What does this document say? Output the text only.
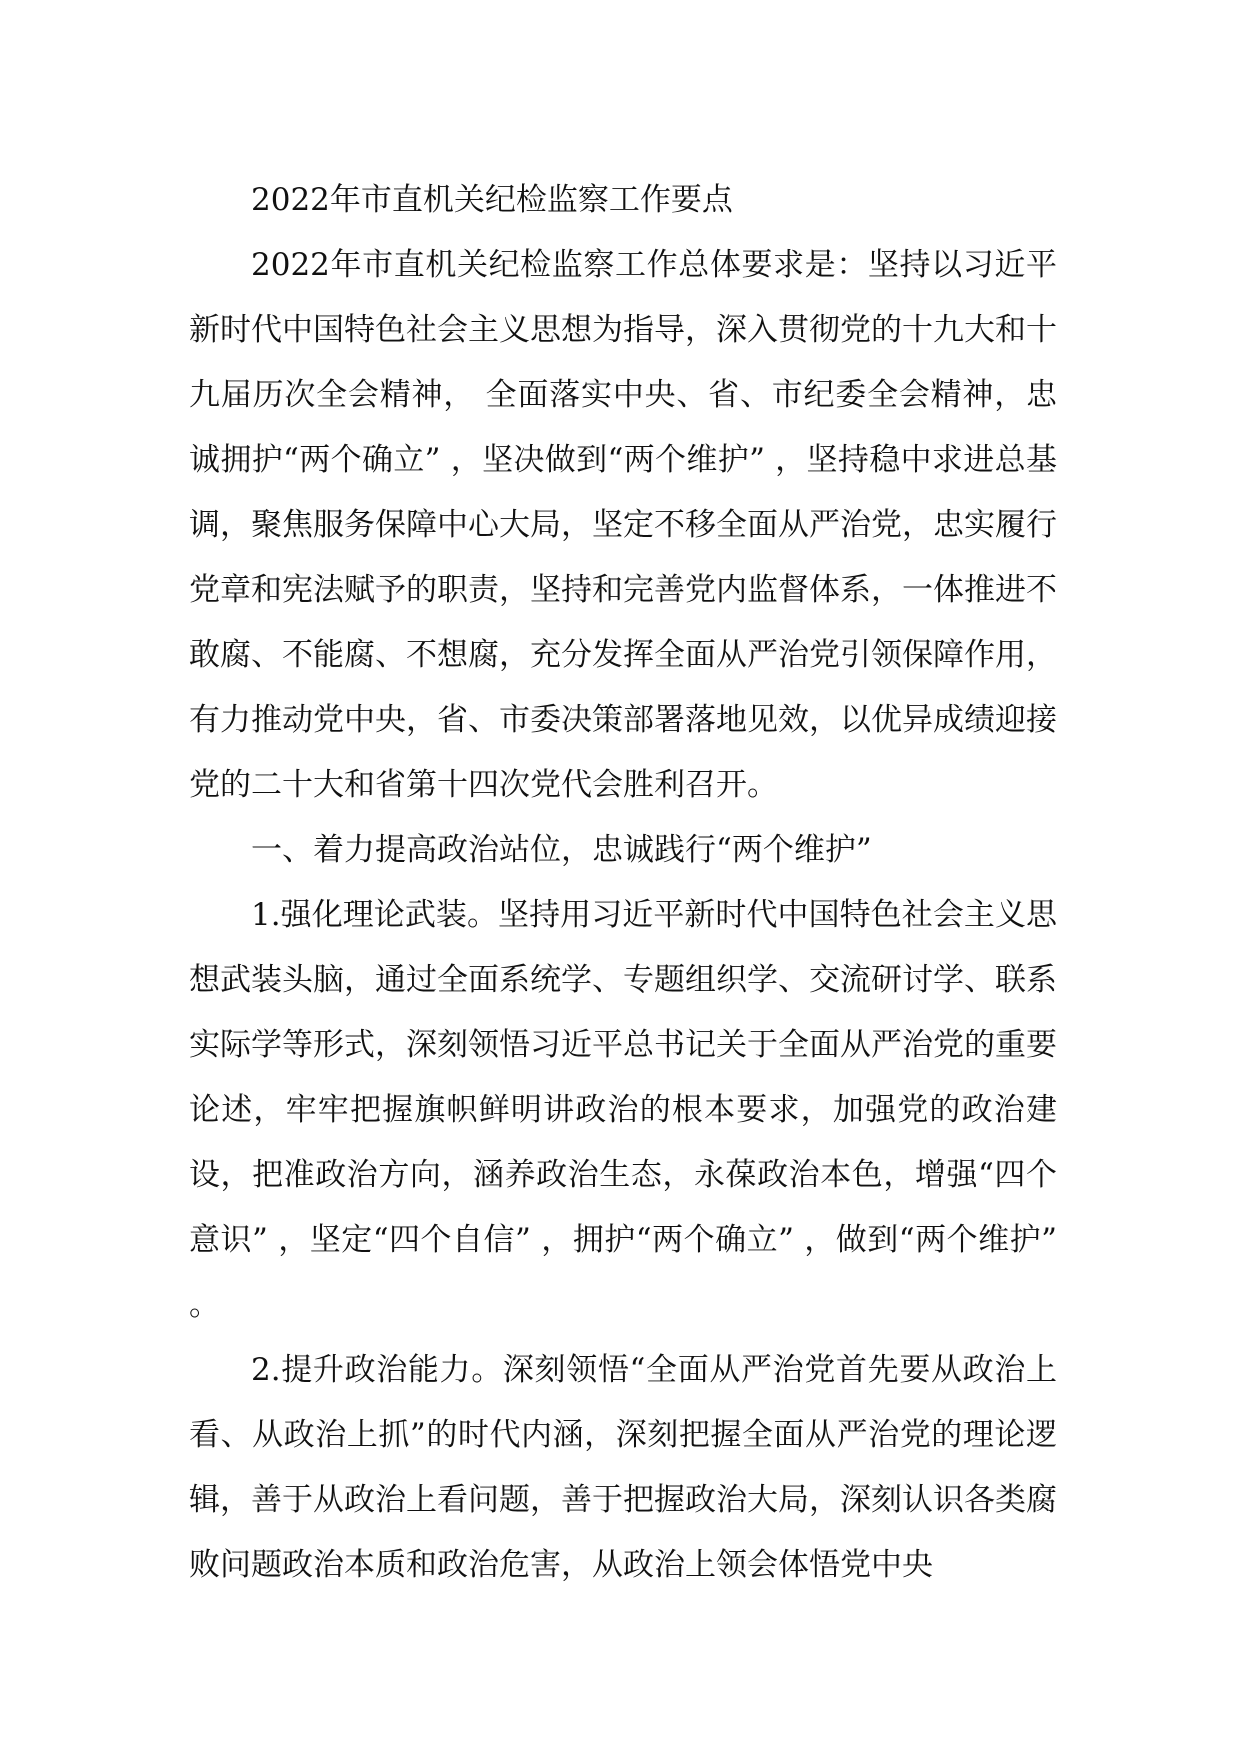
2022年市直机关纪检监察工作要点

2022年市直机关纪检监察工作总体要求是：坚持以习近平新时代中国特色社会主义思想为指导，深入贯彻党的十九大和十九届历次全会精神， 全面落实中央、省、市纪委全会精神，忠诚拥护“两个确立” ，坚决做到“两个维护” ，坚持稳中求进总基调，聚焦服务保障中心大局，坚定不移全面从严治党，忠实履行党章和宪法赋予的职责，坚持和完善党内监督体系，一体推进不敢腐、不能腐、不想腐，充分发挥全面从严治党引领保障作用，有力推动党中央，省、市委决策部署落地见效，以优异成绩迎接党的二十大和省第十四次党代会胜利召开。

一、着力提高政治站位，忠诚践行“两个维护”

1.强化理论武装。坚持用习近平新时代中国特色社会主义思想武装头脑，通过全面系统学、专题组织学、交流研讨学、联系实际学等形式，深刻领悟习近平总书记关于全面从严治党的重要论述，牢牢把握旗帜鲜明讲政治的根本要求，加强党的政治建设，把准政治方向，涵养政治生态，永葆政治本色，增强“四个意识” ，坚定“四个自信” ，拥护“两个确立” ，做到“两个维护” 。

2.提升政治能力。深刻领悟“全面从严治党首先要从政治上看、从政治上抓”的时代内涵，深刻把握全面从严治党的理论逻辑，善于从政治上看问题，善于把握政治大局，深刻认识各类腐败问题政治本质和政治危害，从政治上领会体悟党中央
